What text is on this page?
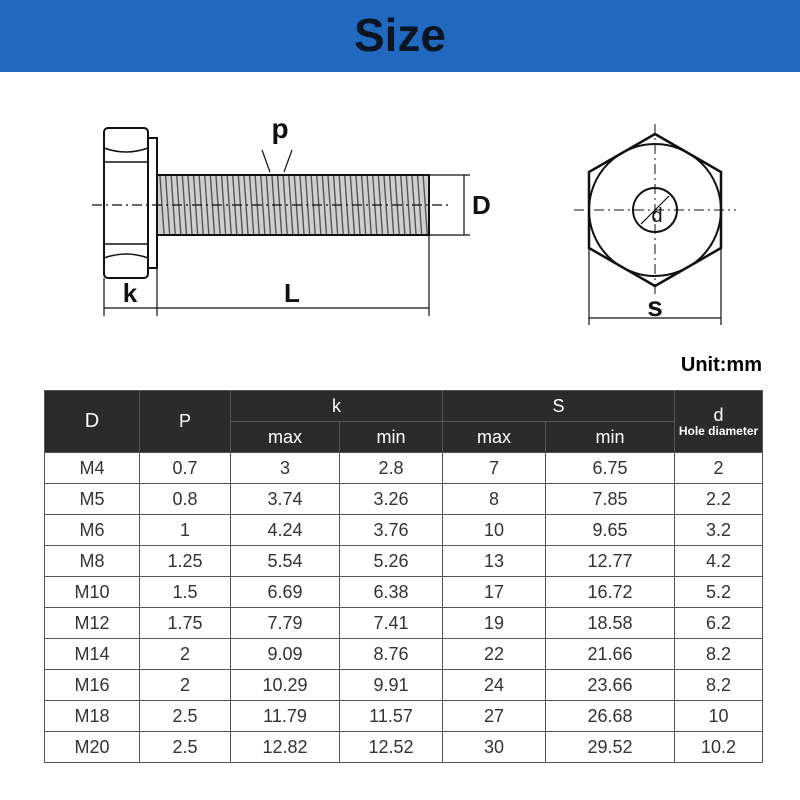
Size
p
D
k	L	s
d
Unit:mm
D	P	k		S		d
Hole diameter

		max	min	max	min	
M4	0.7	3	2.8	7	6.75	2
M5	0.8	3.74	3.26	8	7.85	2.2
M6	1	4.24	3.76	10	9.65	3.2
M8	1.25	5.54	5.26	13	12.77	4.2
M10	1.5	6.69	6.38	17	16.72	5.2
M12	1.75	7.79	7.41	19	18.58	6.2
M14	2	9.09	8.76	22	21.66	8.2
M16	2	10.29	9.91	24	23.66	8.2
M18	2.5	11.79	11.57	27	26.68	10
M20	2.5	12.82	12.52	30	29.52	10.2
